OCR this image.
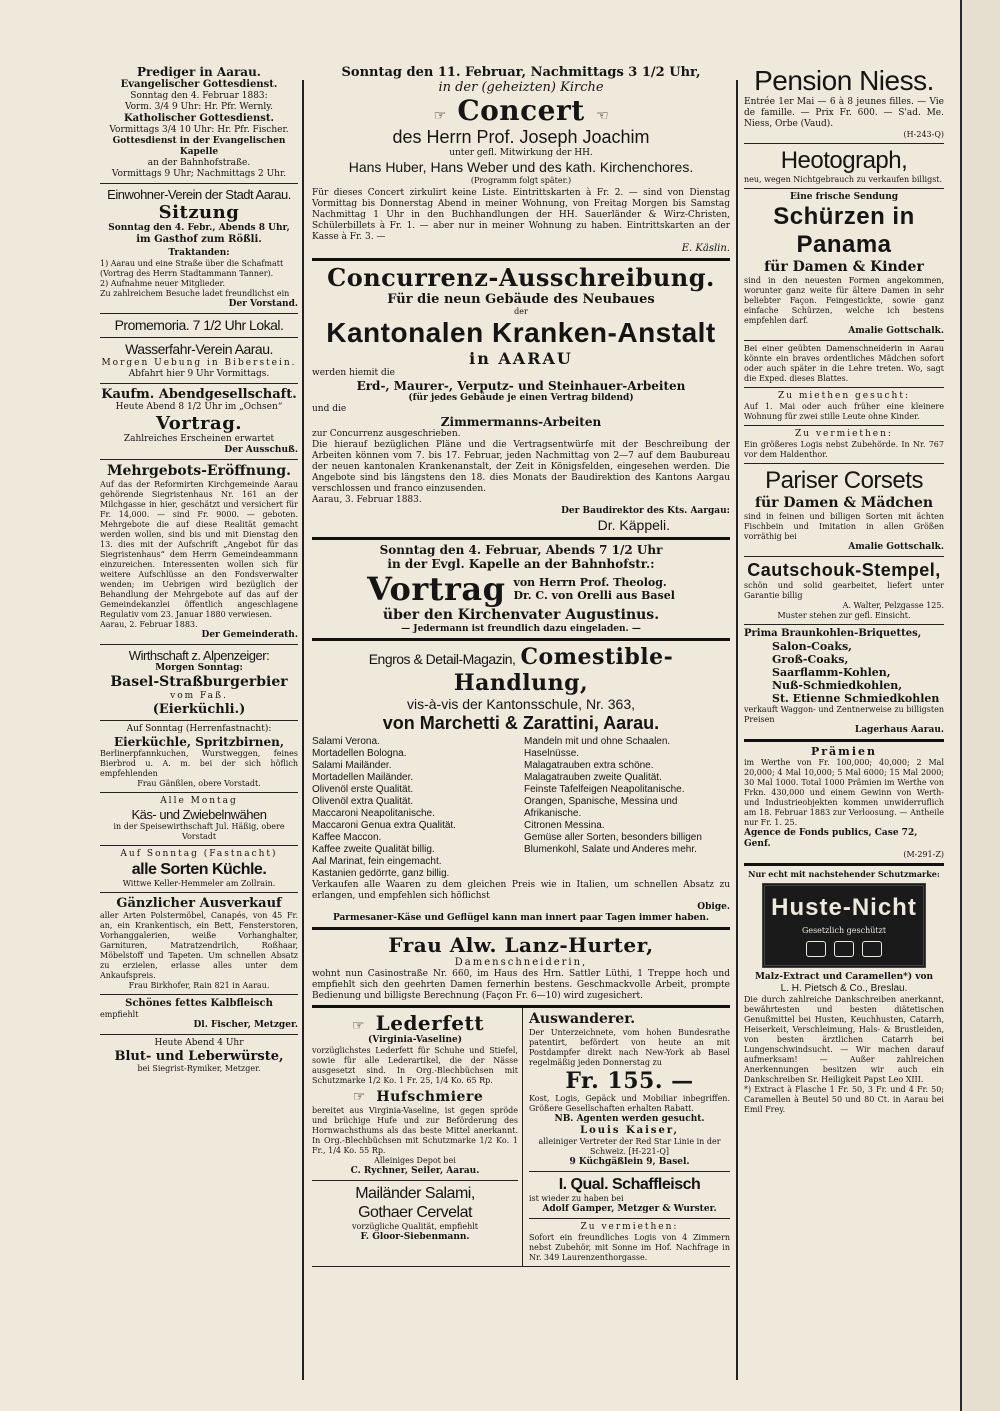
Prediger in Aarau.
Evangelischer Gottesdienst.
Sonntag den 4. Februar 1883:
Vorm. 3/4 9 Uhr: Hr. Pfr. Wernly.
Katholischer Gottesdienst.
Vormittags 3/4 10 Uhr: Hr. Pfr. Fischer.
Gottesdienst in der Evangelischen Kapelle
an der Bahnhofstraße.
Vormittags 9 Uhr; Nachmittags 2 Uhr.
Einwohner-Verein der Stadt Aarau.
Sitzung
Sonntag den 4. Febr., Abends 8 Uhr,
im Gasthof zum Rößli.
Traktanden:
1) Aarau und eine Straße über die Schafmatt (Vortrag des Herrn Stadtammann Tanner).
2) Aufnahme neuer Mitglieder.
Zu zahlreichem Besuche ladet freundlichst ein
Der Vorstand.
Promemoria. 7 1/2 Uhr Lokal.
Wasserfahr-Verein Aarau.
Morgen Uebung in Biberstein.
Abfahrt hier 9 Uhr Vormittags.
Kaufm. Abendgesellschaft.
Heute Abend 8 1/2 Uhr im „Ochsen“
Vortrag.
Zahlreiches Erscheinen erwartet
Der Ausschuß.
Mehrgebots-Eröffnung.
Auf das der Reformirten Kirchgemeinde Aarau gehörende Siegristenhaus Nr. 161 an der Milchgasse in hier, geschätzt und versichert für Fr. 14,000. — sind Fr. 9000. — geboten. Mehrgebote die auf diese Realität gemacht werden wollen, sind bis und mit Dienstag den 13. dies mit der Aufschrift „Angebot für das Siegristenhaus“ dem Herrn Gemeindeammann einzureichen. Interessenten wollen sich für weitere Aufschlüsse an den Fondsverwalter wenden; im Uebrigen wird bezüglich der Behandlung der Mehrgebote auf das auf der Gemeindekanzlei öffentlich angeschlagene Regulativ vom 23. Januar 1880 verwiesen.
Aarau, 2. Februar 1883.
Der Gemeinderath.
Wirthschaft z. Alpenzeiger:
Morgen Sonntag:
Basel-Straßburgerbier
vom Faß.
(Eierküchli.)
Auf Sonntag (Herrenfastnacht):
Eierküchle, Spritzbirnen,
Berlinerpfannkuchen, Wurstweggen, feines Bierbrod u. A. m. bei der sich höflich empfehlenden
Frau Gänßlen, obere Vorstadt.
Alle Montag
Käs- und Zwiebelnwähen
in der Speisewirthschaft Jul. Häßig, obere Vorstadt
Auf Sonntag (Fastnacht)
alle Sorten Küchle.
Wittwe Keller-Hemmeler am Zollrain.
Gänzlicher Ausverkauf
aller Arten Polstermöbel, Canapés, von 45 Fr. an, ein Krankentisch, ein Bett, Fensterstoren, Vorhanggalerien, weiße Vorhanghalter, Garnituren, Matratzendrilch, Roßhaar, Möbelstoff und Tapeten. Um schnellen Absatz zu erzielen, erlasse alles unter dem Ankaufspreis.
Frau Birkhofer, Rain 821 in Aarau.
Schönes fettes Kalbfleisch
empfiehlt
Dl. Fischer, Metzger.
Heute Abend 4 Uhr
Blut- und Leberwürste,
bei Siegrist-Rymiker, Metzger.
Sonntag den 11. Februar, Nachmittags 3 1/2 Uhr,
in der (geheizten) Kirche
☞ Concert ☞
des Herrn Prof. Joseph Joachim
unter gefl. Mitwirkung der HH.
Hans Huber, Hans Weber und des kath. Kirchenchores.
(Programm folgt später.)
Für dieses Concert zirkulirt keine Liste. Eintrittskarten à Fr. 2. — sind von Dienstag Vormittag bis Donnerstag Abend in meiner Wohnung, von Freitag Morgen bis Samstag Nachmittag 1 Uhr in den Buchhandlungen der HH. Sauerländer & Wirz-Christen, Schülerbillets à Fr. 1. — aber nur in meiner Wohnung zu haben. Eintrittskarten an der Kasse à Fr. 3. —
E. Käslin.
Concurrenz-Ausschreibung.
Für die neun Gebäude des Neubaues
der
Kantonalen Kranken-Anstalt
in AARAU
werden hiemit die
Erd-, Maurer-, Verputz- und Steinhauer-Arbeiten
(für jedes Gebäude je einen Vertrag bildend)
und die
Zimmermanns-Arbeiten
zur Concurrenz ausgeschrieben.
Die hierauf bezüglichen Pläne und die Vertragsentwürfe mit der Beschreibung der Arbeiten können vom 7. bis 17. Februar, jeden Nachmittag von 2—7 auf dem Baubureau der neuen kantonalen Krankenanstalt, der Zeit in Königsfelden, eingesehen werden. Die Angebote sind bis längstens den 18. dies Monats der Baudirektion des Kantons Aargau verschlossen und franco einzusenden.
Aarau, 3. Februar 1883.
Der Baudirektor des Kts. Aargau:
Dr. Käppeli.
Sonntag den 4. Februar, Abends 7 1/2 Uhr
in der Evgl. Kapelle an der Bahnhofstr.:
Vortrag von Herrn Prof. Theolog.
Dr. C. von Orelli aus Basel
über den Kirchenvater Augustinus.
— Jedermann ist freundlich dazu eingeladen. —
Engros & Detail-Magazin, Comestible-Handlung,
vis-à-vis der Kantonsschule, Nr. 363,
von Marchetti & Zarattini, Aarau.
Salami Verona.
Mortadellen Bologna.
Salami Mailänder.
Mortadellen Mailänder.
Olivenöl erste Qualität.
Olivenöl extra Qualität.
Maccaroni Neapolitanische.
Maccaroni Genua extra Qualität.
Kaffee Maccon.
Kaffee zweite Qualität billig.
Aal Marinat, fein eingemacht.
Kastanien gedörrte, ganz billig.
Mandeln mit und ohne Schaalen.
Haselnüsse.
Malagatrauben extra schöne.
Malagatrauben zweite Qualität.
Feinste Tafelfeigen Neapolitanische.
Orangen, Spanische, Messina und Afrikanische.
Citronen Messina.
Gemüse aller Sorten, besonders billigen Blumenkohl, Salate und Anderes mehr.
Verkaufen alle Waaren zu dem gleichen Preis wie in Italien, um schnellen Absatz zu erlangen, und empfehlen sich höflichst
Obige.
Parmesaner-Käse und Geflügel kann man innert paar Tagen immer haben.
Frau Alw. Lanz-Hurter,
Damenschneiderin,
wohnt nun Casinostraße Nr. 660, im Haus des Hrn. Sattler Lüthi, 1 Treppe hoch und empfiehlt sich den geehrten Damen fernerhin bestens. Geschmackvolle Arbeit, prompte Bedienung und billigste Berechnung (Façon Fr. 6—10) wird zugesichert.
☞ Lederfett
(Virginia-Vaseline)
vorzüglichstes Lederfett für Schuhe und Stiefel, sowie für alle Lederartikel, die der Nässe ausgesetzt sind. In Org.-Blechbüchsen mit Schutzmarke 1/2 Ko. 1 Fr. 25, 1/4 Ko. 65 Rp.
☞ Hufschmiere
bereitet aus Virginia-Vaseline, ist gegen spröde und brüchige Hufe und zur Beförderung des Hornwachsthums als das beste Mittel anerkannt. In Org.-Blechbüchsen mit Schutzmarke 1/2 Ko. 1 Fr., 1/4 Ko. 55 Rp.
Alleiniges Depot bei
C. Rychner, Seiler, Aarau.
Mailänder Salami,
Gothaer Cervelat
vorzügliche Qualität, empfiehlt
F. Gloor-Siebenmann.
Auswanderer.
Der Unterzeichnete, vom hohen Bundesrathe patentirt, befördert von heute an mit Postdampfer direkt nach New-York ab Basel regelmäßig jeden Donnerstag zu
Fr. 155. —
Kost, Logis, Gepäck und Mobiliar inbegriffen. Größere Gesellschaften erhalten Rabatt.
NB. Agenten werden gesucht.
Louis Kaiser,
alleiniger Vertreter der Red Star Linie in der Schweiz. [H-221-Q]
9 Küchgäßlein 9, Basel.
I. Qual. Schaffleisch
ist wieder zu haben bei
Adolf Gamper, Metzger & Wurster.
Zu vermiethen:
Sofort ein freundliches Logis von 4 Zimmern nebst Zubehör, mit Sonne im Hof. Nachfrage in Nr. 349 Laurenzenthorgasse.
Pension Niess.
Entrée 1er Mai — 6 à 8 jeunes filles. — Vie de famille. — Prix Fr. 600. — S'ad. Me. Niess, Orbe (Vaud).
(H-243-Q)
Heotograph,
neu, wegen Nichtgebrauch zu verkaufen billigst.
Eine frische Sendung
Schürzen in Panama
für Damen & Kinder
sind in den neuesten Formen angekommen, worunter ganz weite für ältere Damen in sehr beliebter Façon. Feingestickte, sowie ganz einfache Schürzen, welche ich bestens empfehlen darf.
Amalie Gottschalk.
Bei einer geübten Damenschneiderin in Aarau könnte ein braves ordentliches Mädchen sofort oder auch später in die Lehre treten. Wo, sagt die Exped. dieses Blattes.
Zu miethen gesucht:
Auf 1. Mai oder auch früher eine kleinere Wohnung für zwei stille Leute ohne Kinder.
Zu vermiethen:
Ein größeres Logis nebst Zubehörde. In Nr. 767 vor dem Haldenthor.
Pariser Corsets
für Damen & Mädchen
sind in feinen und billigen Sorten mit ächten Fischbein und Imitation in allen Größen vorräthig bei
Amalie Gottschalk.
Cautschouk-Stempel,
schön und solid gearbeitet, liefert unter Garantie billig
A. Walter, Pelzgasse 125.
Muster stehen zur gefl. Einsicht.
Prima Braunkohlen-Briquettes,
Salon-Coaks,
Groß-Coaks,
Saarflamm-Kohlen,
Nuß-Schmiedkohlen,
St. Etienne Schmiedkohlen
verkauft Waggon- und Zentnerweise zu billigsten Preisen
Lagerhaus Aarau.
Prämien
im Werthe von Fr. 100,000; 40,000; 2 Mal 20,000; 4 Mal 10,000; 5 Mal 6000; 15 Mal 2000; 30 Mal 1000. Total 1000 Prämien im Werthe von Frkn. 430,000 und einem Gewinn von Werth- und Industrieobjekten kommen unwiderruflich am 18. Februar 1883 zur Verloosung. — Antheile nur Fr. 1. 25.
Agence de Fonds publics, Case 72, Genf.
(M-291-Z)
Nur echt mit nachstehender Schutzmarke:
Huste-Nicht
Gesetzlich geschützt
Malz-Extract und Caramellen*) von
L. H. Pietsch & Co., Breslau.
Die durch zahlreiche Dankschreiben anerkannt, bewährtesten und besten diätetischen Genußmittel bei Husten, Keuchhusten, Catarrh, Heiserkeit, Verschleimung, Hals- & Brustleiden, von besten ärztlichen Catarrh bei Lungenschwindsucht. — Wir machen darauf aufmerksam! — Außer zahlreichen Anerkennungen besitzen wir auch ein Dankschreiben Sr. Heiligkeit Papst Leo XIII.
*) Extract à Flasche 1 Fr. 50, 3 Fr. und 4 Fr. 50; Caramellen à Beutel 50 und 80 Ct. in Aarau bei Emil Frey.
